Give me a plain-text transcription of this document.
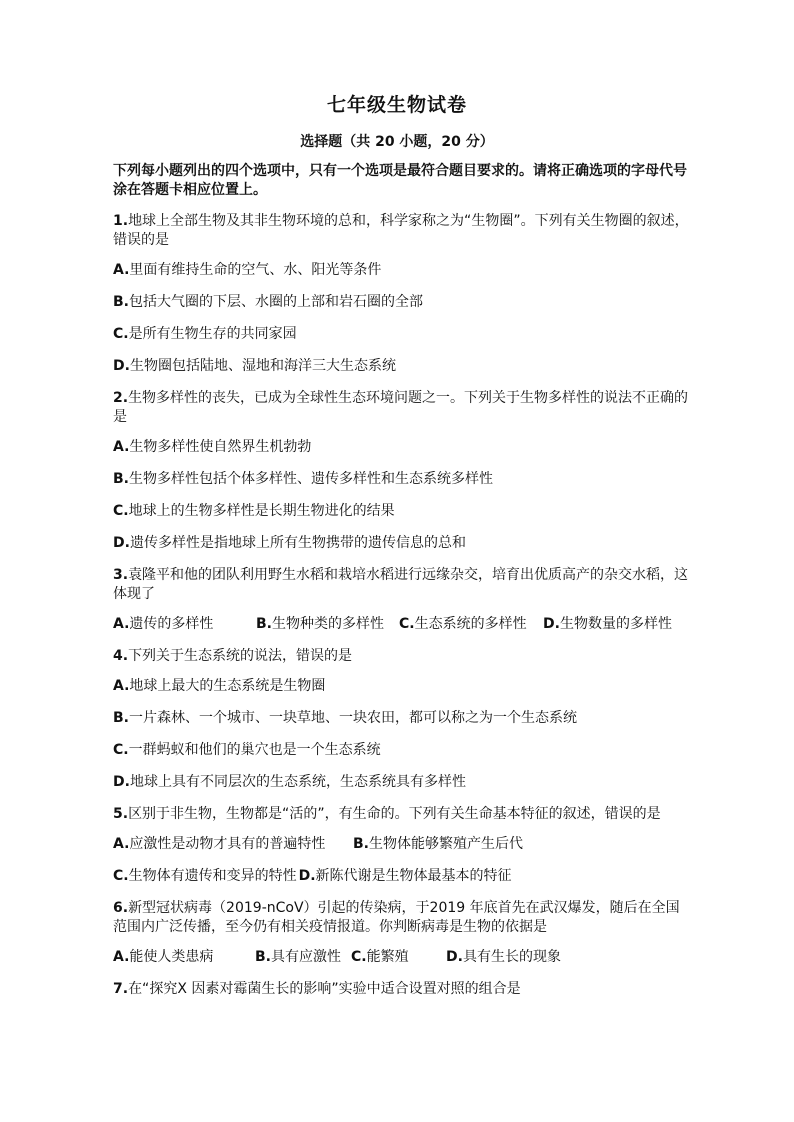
七年级生物试卷
选择题（共 20 小题，20 分）

下列每小题列出的四个选项中，只有一个选项是最符合题目要求的。请将正确选项的字母代号涂在答题卡相应位置上。

1.地球上全部生物及其非生物环境的总和，科学家称之为“生物圈”。下列有关生物圈的叙述，错误的是

A.里面有维持生命的空气、水、阳光等条件

B.包括大气圈的下层、水圈的上部和岩石圈的全部

C.是所有生物生存的共同家园

D.生物圈包括陆地、湿地和海洋三大生态系统

2.生物多样性的丧失，已成为全球性生态环境问题之一。下列关于生物多样性的说法不正确的是

A.生物多样性使自然界生机勃勃

B.生物多样性包括个体多样性、遗传多样性和生态系统多样性

C.地球上的生物多样性是长期生物进化的结果

D.遗传多样性是指地球上所有生物携带的遗传信息的总和

3.袁隆平和他的团队利用野生水稻和栽培水稻进行远缘杂交，培育出优质高产的杂交水稻，这体现了

A.遗传的多样性	B.生物种类的多样性	C.生态系统的多样性	D.生物数量的多样性

4.下列关于生态系统的说法，错误的是

A.地球上最大的生态系统是生物圈

B.一片森林、一个城市、一块草地、一块农田，都可以称之为一个生态系统

C.一群蚂蚁和他们的巢穴也是一个生态系统

D.地球上具有不同层次的生态系统，生态系统具有多样性

5.区别于非生物，生物都是“活的”，有生命的。下列有关生命基本特征的叙述，错误的是

A.应激性是动物才具有的普遍特性	B.生物体能够繁殖产生后代
C.生物体有遗传和变异的特性 D.新陈代谢是生物体最基本的特征

6.新型冠状病毒（2019-nCoV）引起的传染病，于2019 年底首先在武汉爆发，随后在全国范围内广泛传播，至今仍有相关疫情报道。你判断病毒是生物的依据是

A.能使人类患病	B.具有应激性 C.能繁殖	D.具有生长的现象

7.在“探究X 因素对霉菌生长的影响”实验中适合设置对照的组合是
